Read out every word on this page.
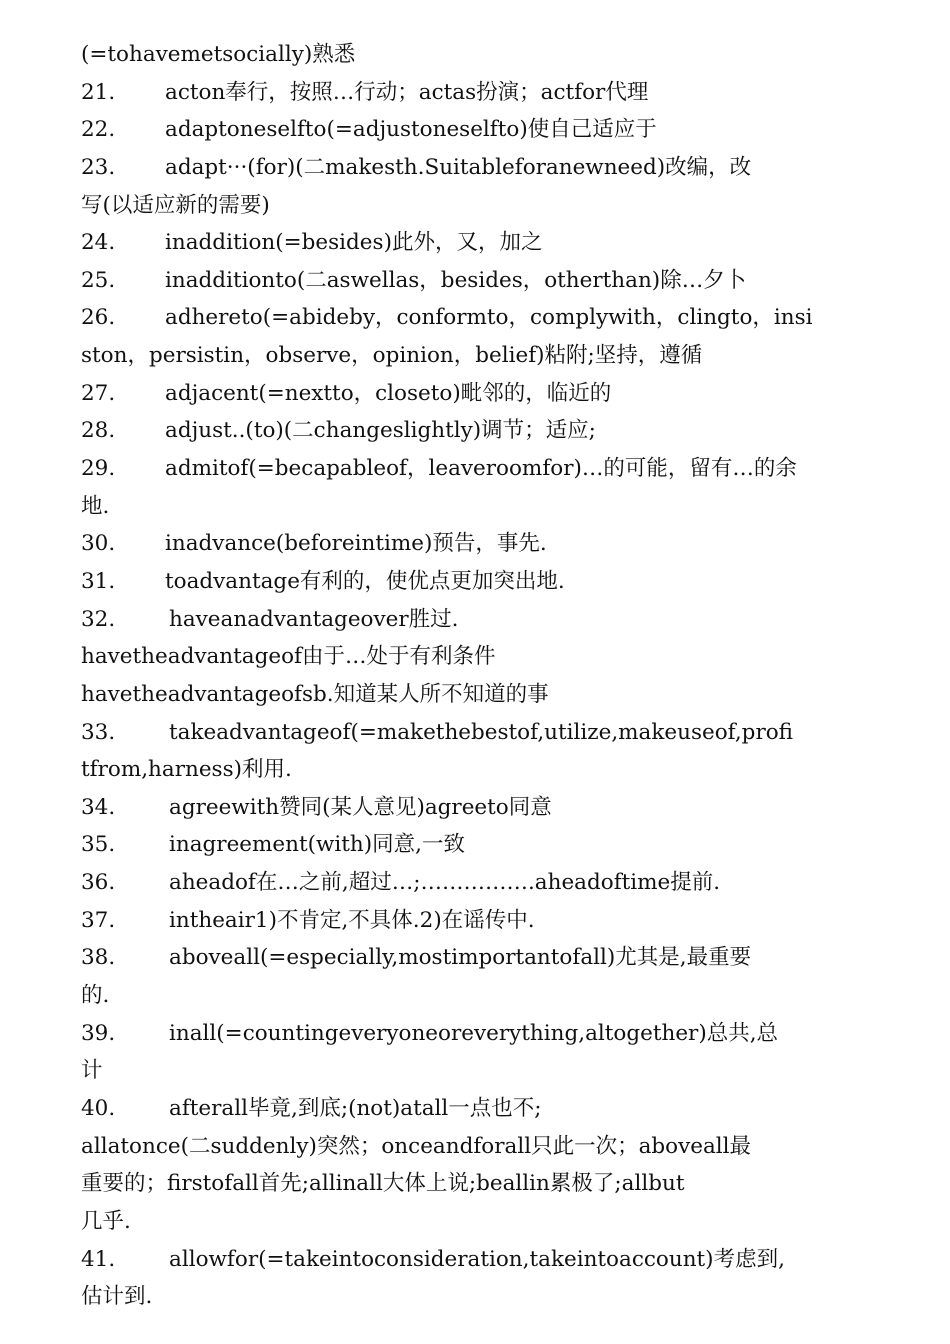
(=tohavemetsocially)熟悉
21. acton奉行，按照…行动；actas扮演；actfor代理
22. adaptoneselfto(=adjustoneselfto)使自己适应于
23. adapt···(for)(二makesth.Suitableforanewneed)改编，改
写(以适应新的需要)
24. inaddition(=besides)此外，又，加之
25. inadditionto(二aswellas，besides，otherthan)除…夕卜
26. adhereto(=abideby，conformto，complywith，clingto，insi
ston，persistin，observe，opinion，belief)粘附;坚持，遵循
27. adjacent(=nextto，closeto)毗邻的，临近的
28. adjust..(to)(二changeslightly)调节；适应;
29. admitof(=becapableof，leaveroomfor)…的可能，留有…的余
地.
30. inadvance(beforeintime)预告，事先.
31. toadvantage有利的，使优点更加突出地.
32.	haveanadvantageover胜过.
havetheadvantageof由于…处于有利条件
havetheadvantageofsb.知道某人所不知道的事
33.	takeadvantageof(=makethebestof,utilize,makeuseof,profi
tfrom,harness)利用.
34.	agreewith赞同(某人意见)agreeto同意
35.	inagreement(with)同意,一致
36.	aheadof在…之前,超过…;…………….aheadoftime提前.
37.	intheair1)不肯定,不具体.2)在谣传中.
38.	aboveall(=especially,mostimportantofall)尤其是,最重要
的.
39.	inall(=countingeveryoneoreverything,altogether)总共,总
计
40.	afterall毕竟,到底;(not)atall一点也不;
allatonce(二suddenly)突然；onceandforall只此一次；aboveall最
重要的；firstofall首先;allinall大体上说;beallin累极了;allbut
几乎.
41.	allowfor(=takeintoconsideration,takeintoaccount)考虑到,
估计到.
